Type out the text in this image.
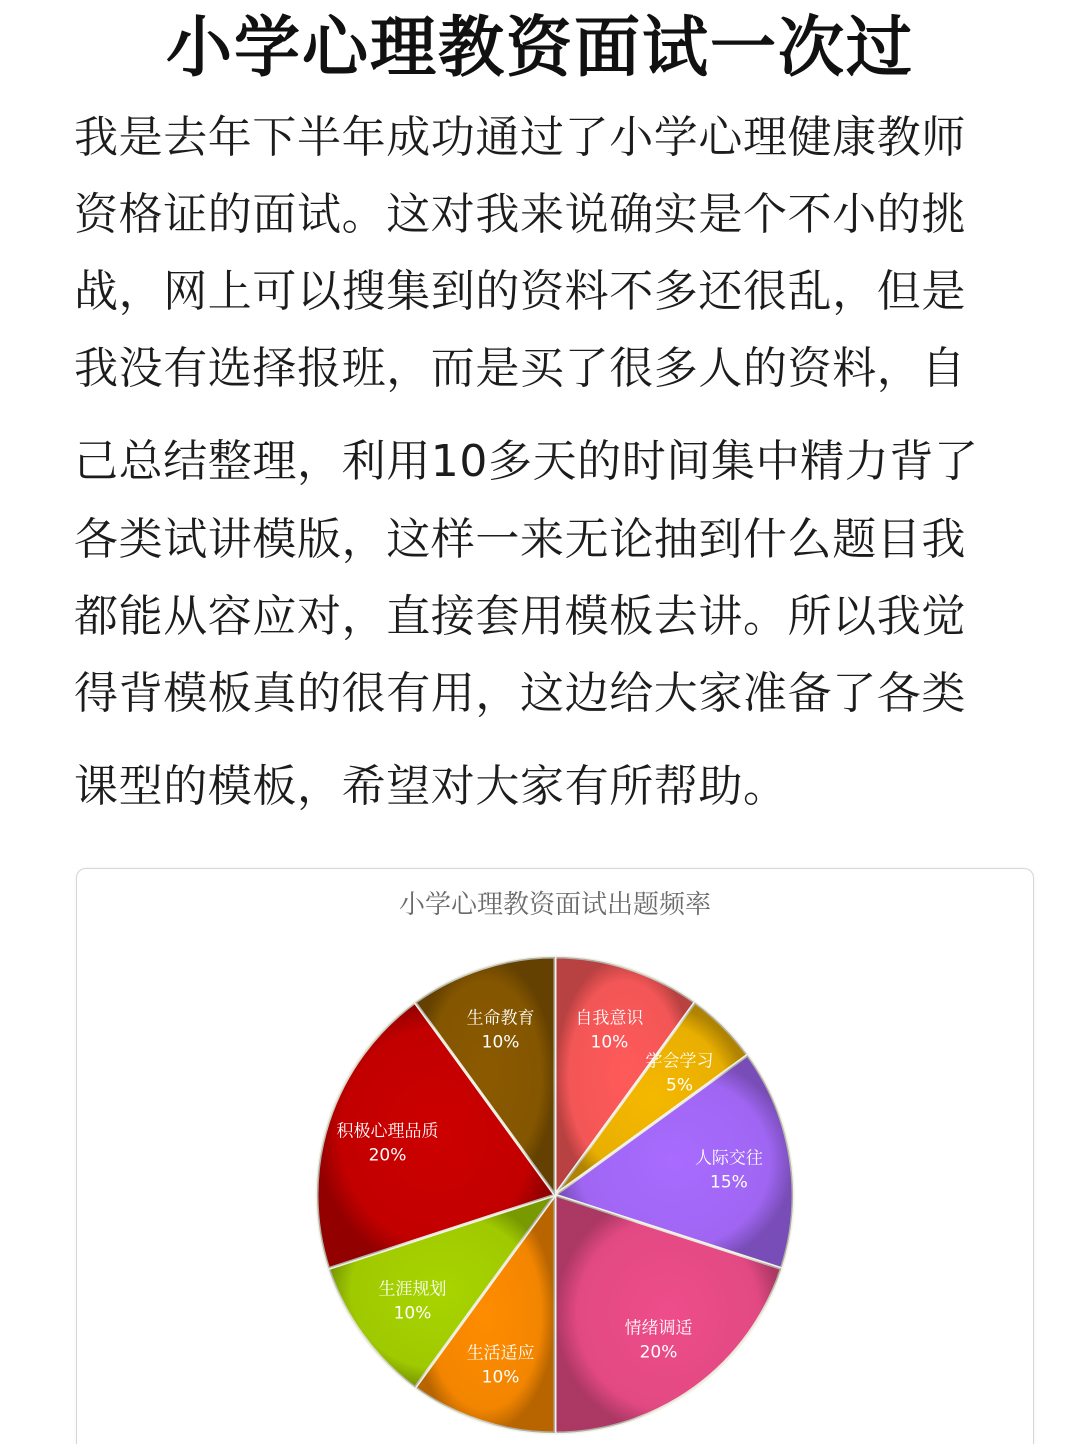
小学心理教资面试一次过
我是去年下半年成功通过了小学心理健康教师
资格证的面试。这对我来说确实是个不小的挑
战，网上可以搜集到的资料不多还很乱，但是
我没有选择报班，而是买了很多人的资料，自
己总结整理，利用10多天的时间集中精力背了
各类试讲模版，这样一来无论抽到什么题目我
都能从容应对，直接套用模板去讲。所以我觉
得背模板真的很有用，这边给大家准备了各类
课型的模板，希望对大家有所帮助。
小学心理教资面试出题频率
自我意识
10%
学会学习
5%
人际交往
15%
情绪调适
20%
生活适应
10%
生涯规划
10%
积极心理品质
20%
生命教育
10%
